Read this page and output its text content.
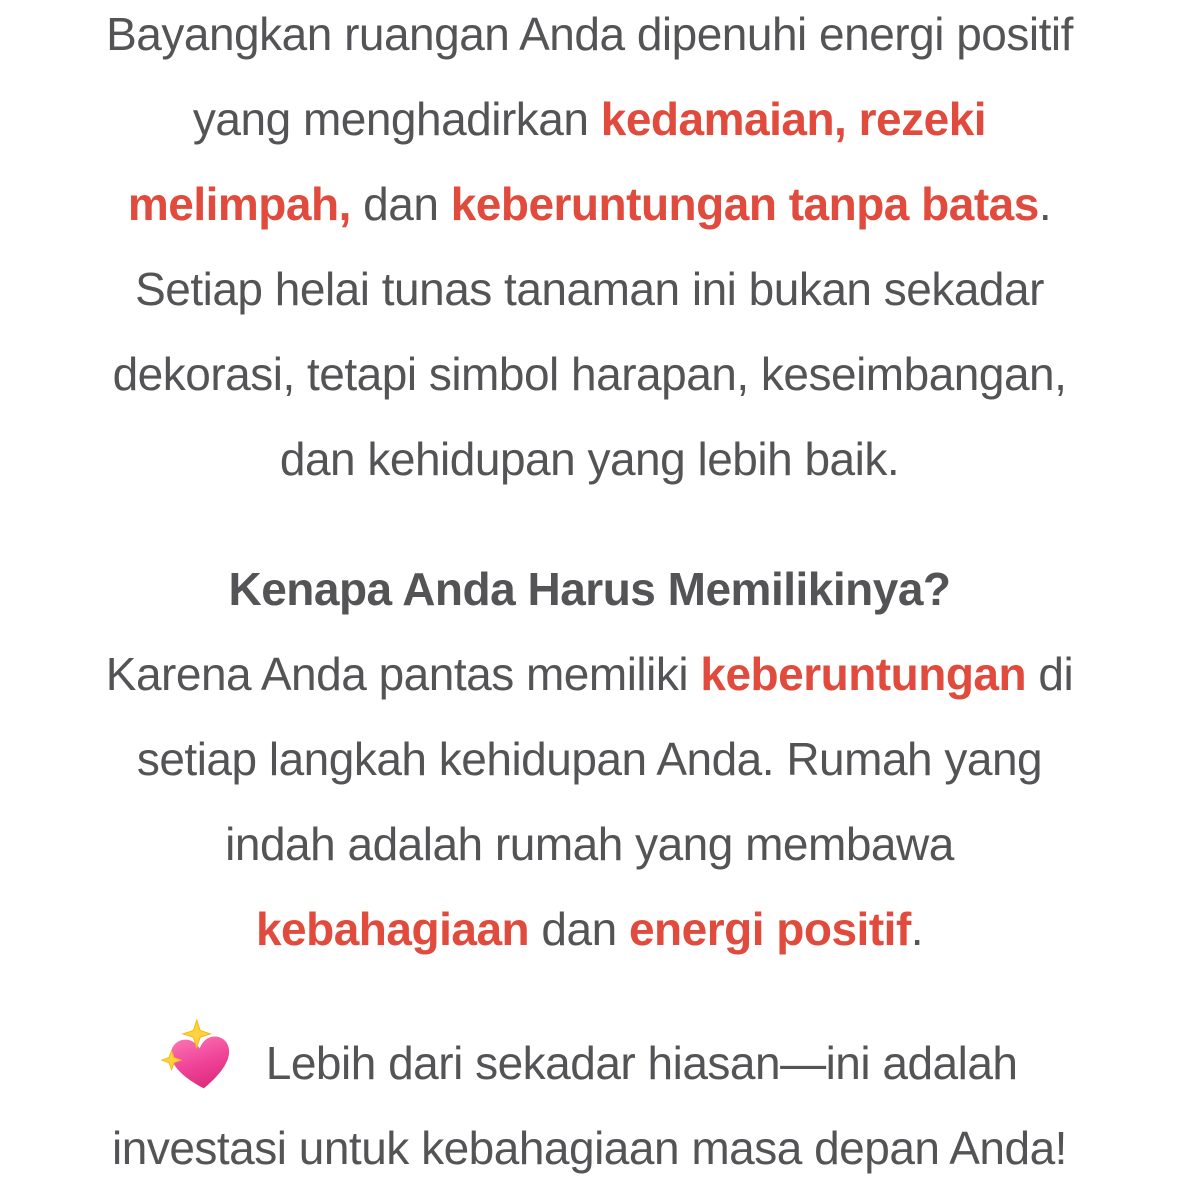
Bayangkan ruangan Anda dipenuhi energi positif
yang menghadirkan kedamaian, rezeki
melimpah, dan keberuntungan tanpa batas.
Setiap helai tunas tanaman ini bukan sekadar
dekorasi, tetapi simbol harapan, keseimbangan,
dan kehidupan yang lebih baik.
Kenapa Anda Harus Memilikinya?
Karena Anda pantas memiliki keberuntungan di
setiap langkah kehidupan Anda. Rumah yang
indah adalah rumah yang membawa
kebahagiaan dan energi positif.
Lebih dari sekadar hiasan—ini adalah
investasi untuk kebahagiaan masa depan Anda!
